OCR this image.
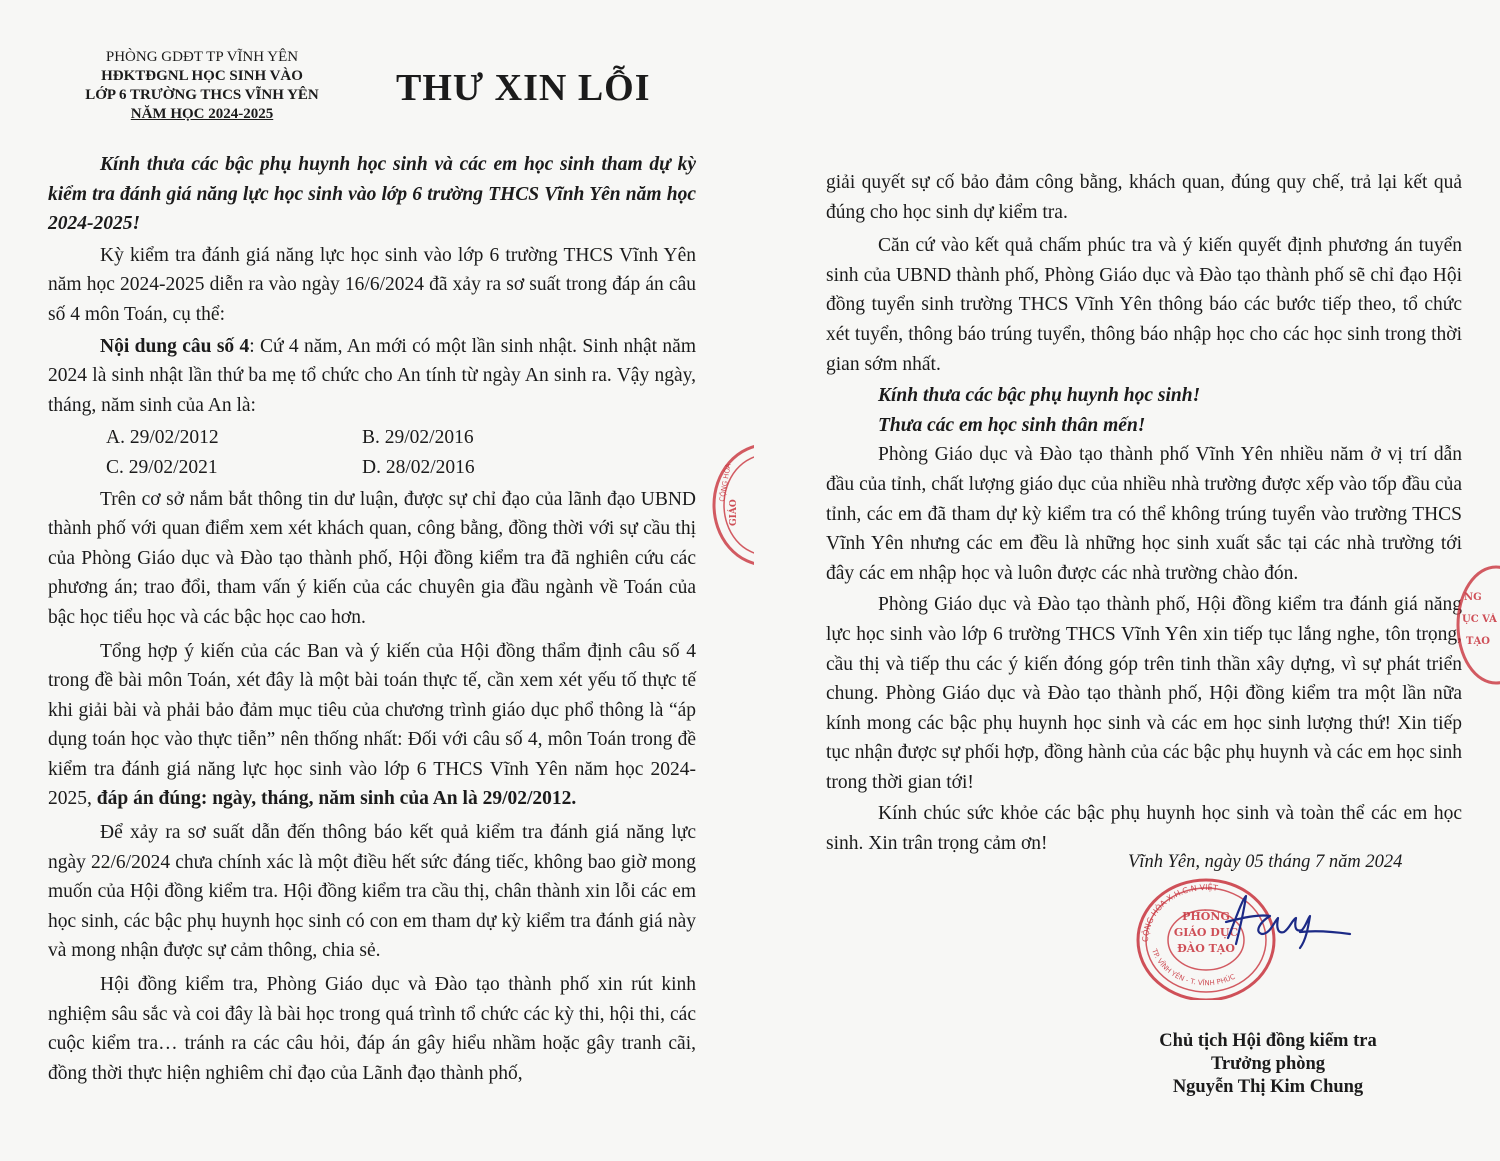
PHÒNG GDĐT TP VĨNH YÊN
HĐKTĐGNL HỌC SINH VÀO
LỚP 6 TRƯỜNG THCS VĨNH YÊN
NĂM HỌC 2024-2025
THƯ XIN LỖI

Kính thưa các bậc phụ huynh học sinh và các em học sinh tham dự kỳ kiểm tra đánh giá năng lực học sinh vào lớp 6 trường THCS Vĩnh Yên năm học 2024-2025!

Kỳ kiểm tra đánh giá năng lực học sinh vào lớp 6 trường THCS Vĩnh Yên năm học 2024-2025 diễn ra vào ngày 16/6/2024 đã xảy ra sơ suất trong đáp án câu số 4 môn Toán, cụ thể:

Nội dung câu số 4: Cứ 4 năm, An mới có một lần sinh nhật. Sinh nhật năm 2024 là sinh nhật lần thứ ba mẹ tổ chức cho An tính từ ngày An sinh ra. Vậy ngày, tháng, năm sinh của An là:

A. 29/02/2012	B. 29/02/2016
C. 29/02/2021	D. 28/02/2016

Trên cơ sở nắm bắt thông tin dư luận, được sự chỉ đạo của lãnh đạo UBND thành phố với quan điểm xem xét khách quan, công bằng, đồng thời với sự cầu thị của Phòng Giáo dục và Đào tạo thành phố, Hội đồng kiểm tra đã nghiên cứu các phương án; trao đổi, tham vấn ý kiến của các chuyên gia đầu ngành về Toán của bậc học tiểu học và các bậc học cao hơn.

Tổng hợp ý kiến của các Ban và ý kiến của Hội đồng thẩm định câu số 4 trong đề bài môn Toán, xét đây là một bài toán thực tế, cần xem xét yếu tố thực tế khi giải bài và phải bảo đảm mục tiêu của chương trình giáo dục phổ thông là “áp dụng toán học vào thực tiễn” nên thống nhất: Đối với câu số 4, môn Toán trong đề kiểm tra đánh giá năng lực học sinh vào lớp 6 THCS Vĩnh Yên năm học 2024-2025, đáp án đúng: ngày, tháng, năm sinh của An là 29/02/2012.

Để xảy ra sơ suất dẫn đến thông báo kết quả kiểm tra đánh giá năng lực ngày 22/6/2024 chưa chính xác là một điều hết sức đáng tiếc, không bao giờ mong muốn của Hội đồng kiểm tra. Hội đồng kiểm tra cầu thị, chân thành xin lỗi các em học sinh, các bậc phụ huynh học sinh có con em tham dự kỳ kiểm tra đánh giá này và mong nhận được sự cảm thông, chia sẻ.

Hội đồng kiểm tra, Phòng Giáo dục và Đào tạo thành phố xin rút kinh nghiệm sâu sắc và coi đây là bài học trong quá trình tổ chức các kỳ thi, hội thi, các cuộc kiểm tra… tránh ra các câu hỏi, đáp án gây hiểu nhầm hoặc gây tranh cãi, đồng thời thực hiện nghiêm chỉ đạo của Lãnh đạo thành phố,

giải quyết sự cố bảo đảm công bằng, khách quan, đúng quy chế, trả lại kết quả đúng cho học sinh dự kiểm tra.

Căn cứ vào kết quả chấm phúc tra và ý kiến quyết định phương án tuyển sinh của UBND thành phố, Phòng Giáo dục và Đào tạo thành phố sẽ chỉ đạo Hội đồng tuyển sinh trường THCS Vĩnh Yên thông báo các bước tiếp theo, tổ chức xét tuyển, thông báo trúng tuyển, thông báo nhập học cho các học sinh trong thời gian sớm nhất.

Kính thưa các bậc phụ huynh học sinh!

Thưa các em học sinh thân mến!

Phòng Giáo dục và Đào tạo thành phố Vĩnh Yên nhiều năm ở vị trí dẫn đầu của tỉnh, chất lượng giáo dục của nhiều nhà trường được xếp vào tốp đầu của tỉnh, các em đã tham dự kỳ kiểm tra có thể không trúng tuyển vào trường THCS Vĩnh Yên nhưng các em đều là những học sinh xuất sắc tại các nhà trường tới đây các em nhập học và luôn được các nhà trường chào đón.

Phòng Giáo dục và Đào tạo thành phố, Hội đồng kiểm tra đánh giá năng lực học sinh vào lớp 6 trường THCS Vĩnh Yên xin tiếp tục lắng nghe, tôn trọng, cầu thị và tiếp thu các ý kiến đóng góp trên tinh thần xây dựng, vì sự phát triển chung. Phòng Giáo dục và Đào tạo thành phố, Hội đồng kiểm tra một lần nữa kính mong các bậc phụ huynh học sinh và các em học sinh lượng thứ! Xin tiếp tục nhận được sự phối hợp, đồng hành của các bậc phụ huynh và các em học sinh trong thời gian tới!

Kính chúc sức khỏe các bậc phụ huynh học sinh và toàn thể các em học sinh. Xin trân trọng cảm ơn!

Vĩnh Yên, ngày 05 tháng 7 năm 2024
CỘNG HÒA X.H.C.N VIỆT
TP. VĨNH YÊN - T. VĨNH PHÚC
PHÒNG
GIÁO DỤC
ĐÀO TẠO
Chủ tịch Hội đồng kiểm tra
Trưởng phòng
Nguyễn Thị Kim Chung
CỘNG HÒA
GIÁO
NG
ỤC VÀ
TẠO
